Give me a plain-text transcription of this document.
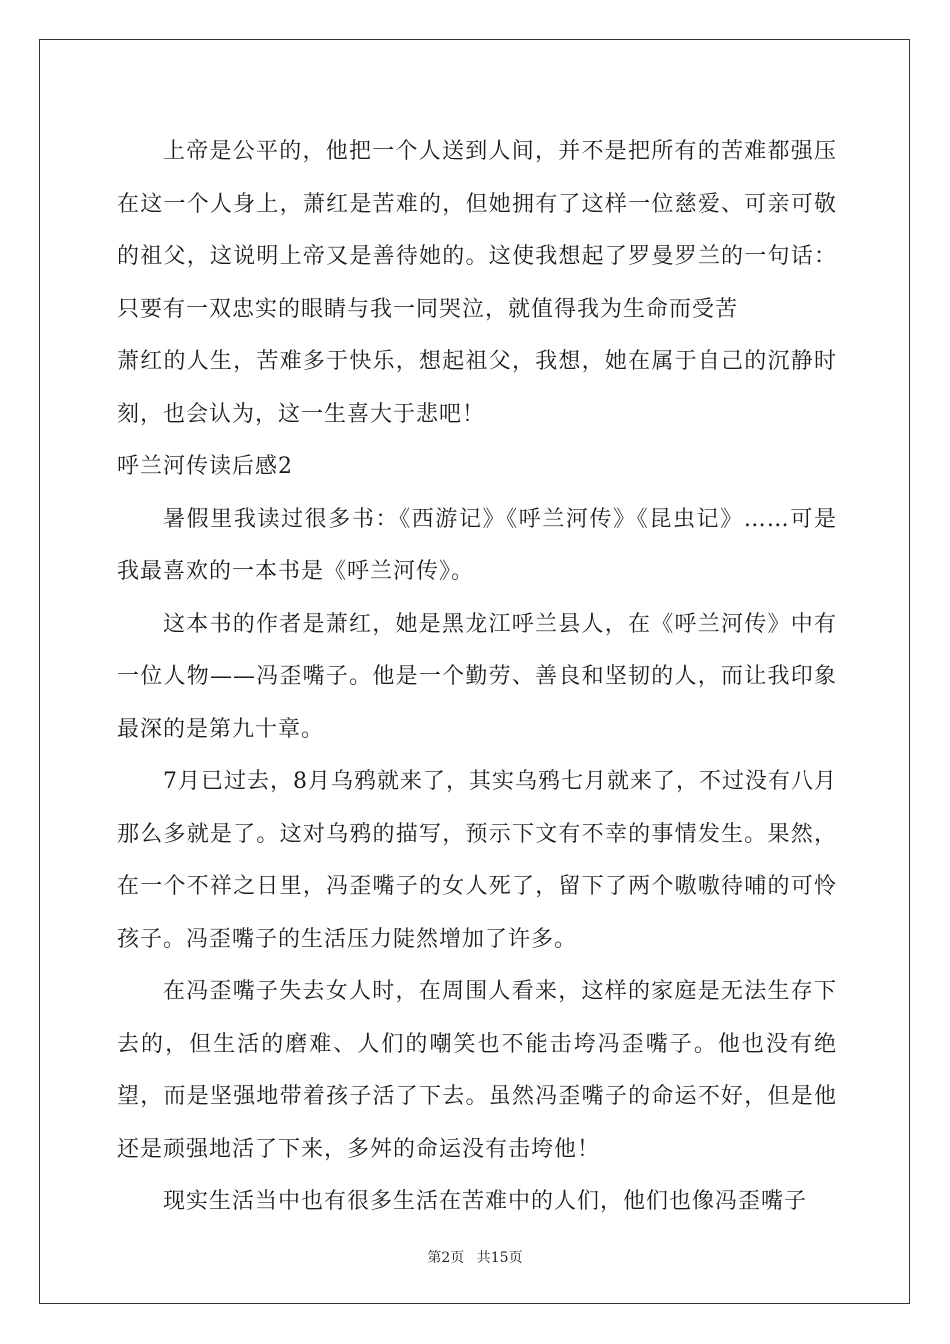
上帝是公平的，他把一个人送到人间，并不是把所有的苦难都强压在这一个人身上，萧红是苦难的，但她拥有了这样一位慈爱、可亲可敬的祖父，这说明上帝又是善待她的。这使我想起了罗曼罗兰的一句话：只要有一双忠实的眼睛与我一同哭泣，就值得我为生命而受苦

萧红的人生，苦难多于快乐，想起祖父，我想，她在属于自己的沉静时刻，也会认为，这一生喜大于悲吧！

呼兰河传读后感2

暑假里我读过很多书：《西游记》《呼兰河传》《昆虫记》……可是我最喜欢的一本书是《呼兰河传》。

这本书的作者是萧红，她是黑龙江呼兰县人，在《呼兰河传》中有一位人物——冯歪嘴子。他是一个勤劳、善良和坚韧的人，而让我印象最深的是第九十章。

7月已过去，8月乌鸦就来了，其实乌鸦七月就来了，不过没有八月那么多就是了。这对乌鸦的描写，预示下文有不幸的事情发生。果然，在一个不祥之日里，冯歪嘴子的女人死了，留下了两个嗷嗷待哺的可怜孩子。冯歪嘴子的生活压力陡然增加了许多。

在冯歪嘴子失去女人时，在周围人看来，这样的家庭是无法生存下去的，但生活的磨难、人们的嘲笑也不能击垮冯歪嘴子。他也没有绝望，而是坚强地带着孩子活了下去。虽然冯歪嘴子的命运不好，但是他还是顽强地活了下来，多舛的命运没有击垮他！

现实生活当中也有很多生活在苦难中的人们，他们也像冯歪嘴子

第2页 共15页
